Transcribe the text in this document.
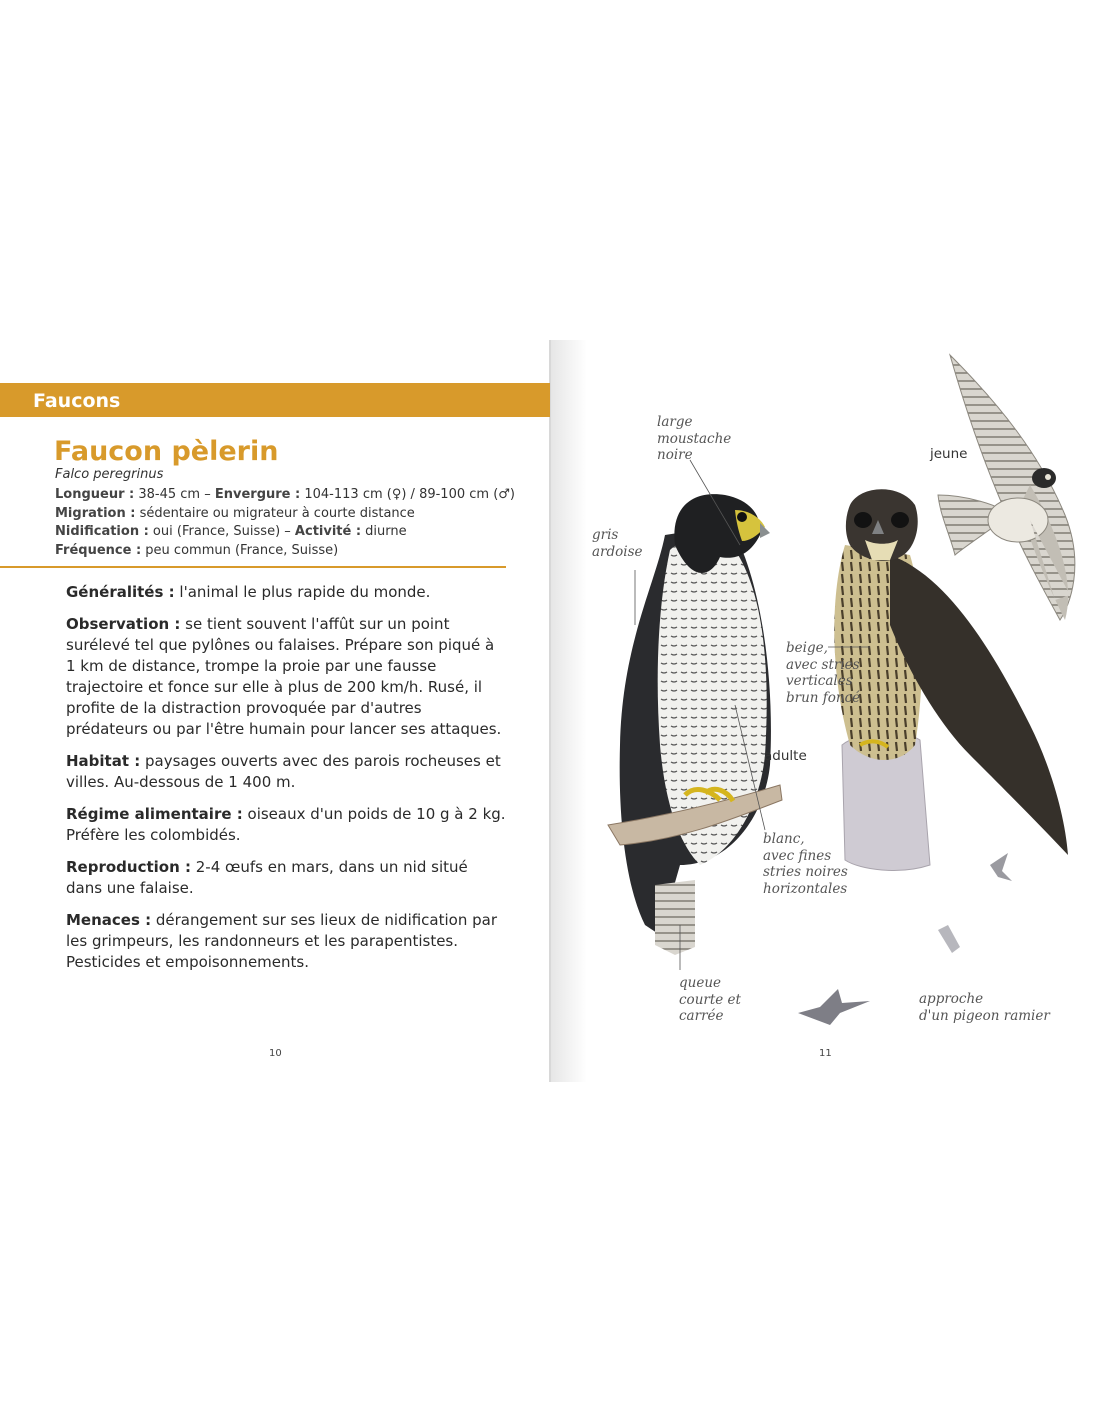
Faucons
Faucon pèlerin
Falco peregrinus
Longueur : 38-45 cm – Envergure : 104-113 cm (♀) / 89-100 cm (♂)
Migration : sédentaire ou migrateur à courte distance
Nidification : oui (France, Suisse) – Activité : diurne
Fréquence : peu commun (France, Suisse)

Généralités : l'animal le plus rapide du monde.

Observation : se tient souvent l'affût sur un point surélevé tel que pylônes ou falaises. Prépare son piqué à 1 km de distance, trompe la proie par une fausse trajectoire et fonce sur elle à plus de 200 km/h. Rusé, il profite de la distraction provoquée par d'autres prédateurs ou par l'être humain pour lancer ses attaques.

Habitat : paysages ouverts avec des parois rocheuses et villes. Au-dessous de 1 400 m.

Régime alimentaire : oiseaux d'un poids de 10 g à 2 kg. Préfère les colombidés.

Reproduction : 2-4 œufs en mars, dans un nid situé dans une falaise.

Menaces : dérangement sur ses lieux de nidification par les grimpeurs, les randonneurs et les parapentistes. Pesticides et empoisonnements.

10
large
moustache
noire
gris
ardoise
jeune
beige,
avec stries
verticales
brun foncé
adulte
blanc,
avec fines
stries noires
horizontales
queue
courte et
carrée
approche
d'un pigeon ramier
11
